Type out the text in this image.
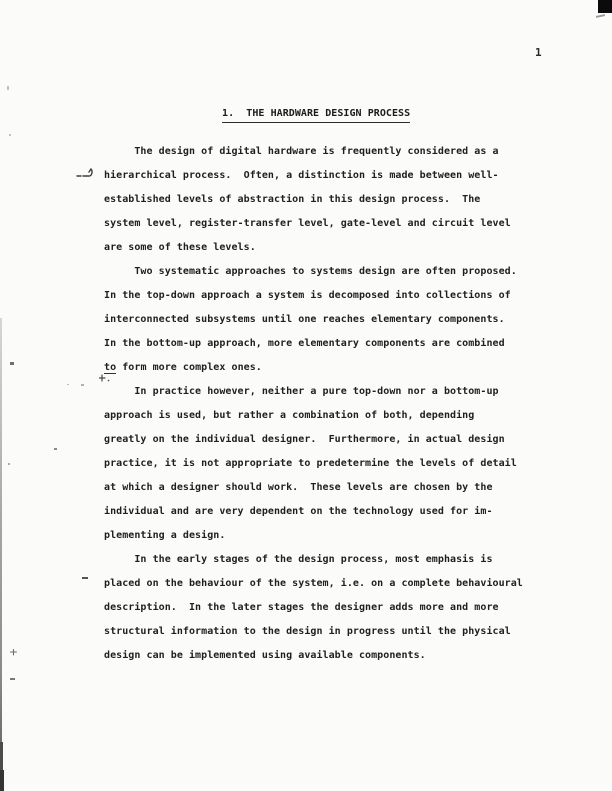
1
1.  THE HARDWARE DESIGN PROCESS
The design of digital hardware is frequently considered as a
hierarchical process.  Often, a distinction is made between well-
established levels of abstraction in this design process.  The
system level, register-transfer level, gate-level and circuit level
are some of these levels.
Two systematic approaches to systems design are often proposed.
In the top-down approach a system is decomposed into collections of
interconnected subsystems until one reaches elementary components.
In the bottom-up approach, more elementary components are combined
to form more complex ones.
In practice however, neither a pure top-down nor a bottom-up
approach is used, but rather a combination of both, depending
greatly on the individual designer.  Furthermore, in actual design
practice, it is not appropriate to predetermine the levels of detail
at which a designer should work.  These levels are chosen by the
individual and are very dependent on the technology used for im-
plementing a design.
In the early stages of the design process, most emphasis is
placed on the behaviour of the system, i.e. on a complete behavioural
description.  In the later stages the designer adds more and more
structural information to the design in progress until the physical
design can be implemented using available components.
